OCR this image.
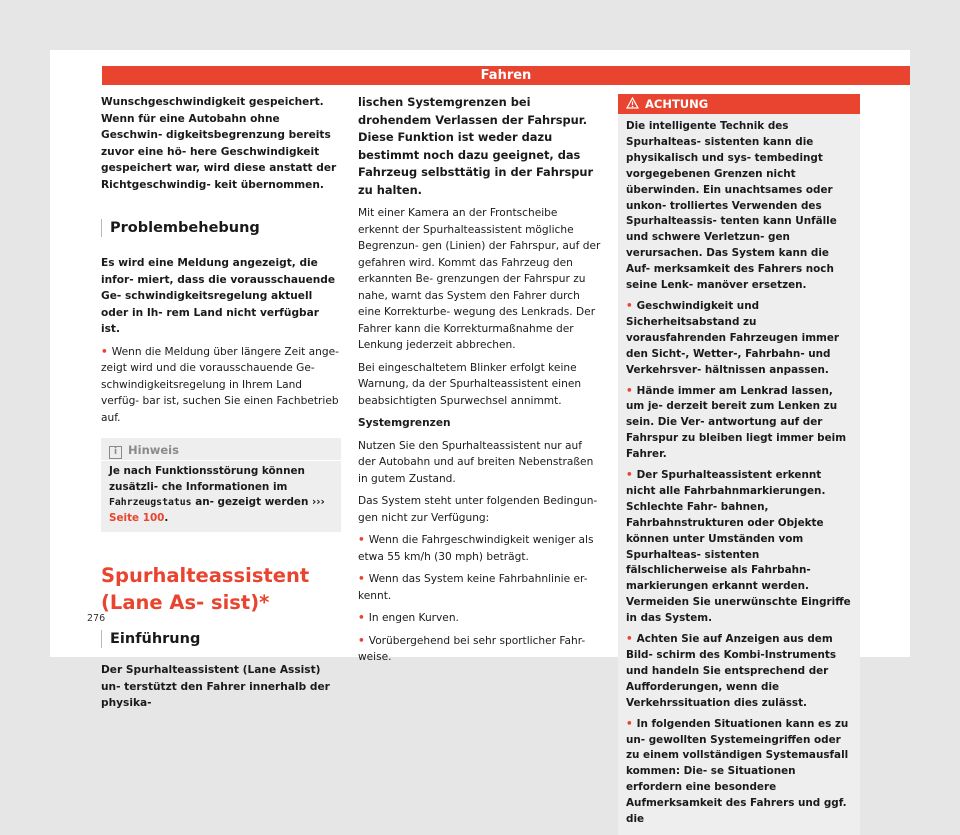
Fahren

Wunschgeschwindigkeit gespeichert. Wenn für eine Autobahn ohne Geschwin- digkeitsbegrenzung bereits zuvor eine hö- here Geschwindigkeit gespeichert war, wird diese anstatt der Richtgeschwindig- keit übernommen.

Problembehebung

Es wird eine Meldung angezeigt, die infor- miert, dass die vorausschauende Ge- schwindigkeitsregelung aktuell oder in Ih- rem Land nicht verfügbar ist.

• Wenn die Meldung über längere Zeit ange- zeigt wird und die vorausschauende Ge- schwindigkeitsregelung in Ihrem Land verfüg- bar ist, suchen Sie einen Fachbetrieb auf.

i Hinweis
Je nach Funktionsstörung können zusätzli- che Informationen im Fahrzeugstatus an- gezeigt werden ››› Seite 100.
Spurhalteassistent (Lane As- sist)*
Einführung

Der Spurhalteassistent (Lane Assist) un- terstützt den Fahrer innerhalb der physika-

lischen Systemgrenzen bei drohendem Verlassen der Fahrspur. Diese Funktion ist weder dazu bestimmt noch dazu geeignet, das Fahrzeug selbsttätig in der Fahrspur zu halten.

Mit einer Kamera an der Frontscheibe erkennt der Spurhalteassistent mögliche Begrenzun- gen (Linien) der Fahrspur, auf der gefahren wird. Kommt das Fahrzeug den erkannten Be- grenzungen der Fahrspur zu nahe, warnt das System den Fahrer durch eine Korrekturbe- wegung des Lenkrads. Der Fahrer kann die Korrekturmaßnahme der Lenkung jederzeit abbrechen.

Bei eingeschaltetem Blinker erfolgt keine Warnung, da der Spurhalteassistent einen beabsichtigten Spurwechsel annimmt.

Systemgrenzen

Nutzen Sie den Spurhalteassistent nur auf der Autobahn und auf breiten Nebenstraßen in gutem Zustand.

Das System steht unter folgenden Bedingun- gen nicht zur Verfügung:

• Wenn die Fahrgeschwindigkeit weniger als etwa 55 km/h (30 mph) beträgt.

• Wenn das System keine Fahrbahnlinie er- kennt.

• In engen Kurven.

• Vorübergehend bei sehr sportlicher Fahr- weise.

ACHTUNG

Die intelligente Technik des Spurhalteas- sistenten kann die physikalisch und sys- tembedingt vorgegebenen Grenzen nicht überwinden. Ein unachtsames oder unkon- trolliertes Verwenden des Spurhalteassis- tenten kann Unfälle und schwere Verletzun- gen verursachen. Das System kann die Auf- merksamkeit des Fahrers noch seine Lenk- manöver ersetzen.

• Geschwindigkeit und Sicherheitsabstand zu vorausfahrenden Fahrzeugen immer den Sicht-, Wetter-, Fahrbahn- und Verkehrsver- hältnissen anpassen.

• Hände immer am Lenkrad lassen, um je- derzeit bereit zum Lenken zu sein. Die Ver- antwortung auf der Fahrspur zu bleiben liegt immer beim Fahrer.

• Der Spurhalteassistent erkennt nicht alle Fahrbahnmarkierungen. Schlechte Fahr- bahnen, Fahrbahnstrukturen oder Objekte können unter Umständen vom Spurhalteas- sistenten fälschlicherweise als Fahrbahn- markierungen erkannt werden. Vermeiden Sie unerwünschte Eingriffe in das System.

• Achten Sie auf Anzeigen aus dem Bild- schirm des Kombi-Instruments und handeln Sie entsprechend der Aufforderungen, wenn die Verkehrssituation dies zulässt.

• In folgenden Situationen kann es zu un- gewollten Systemeingriffen oder zu einem vollständigen Systemausfall kommen: Die- se Situationen erfordern eine besondere Aufmerksamkeit des Fahrers und ggf. die

276
